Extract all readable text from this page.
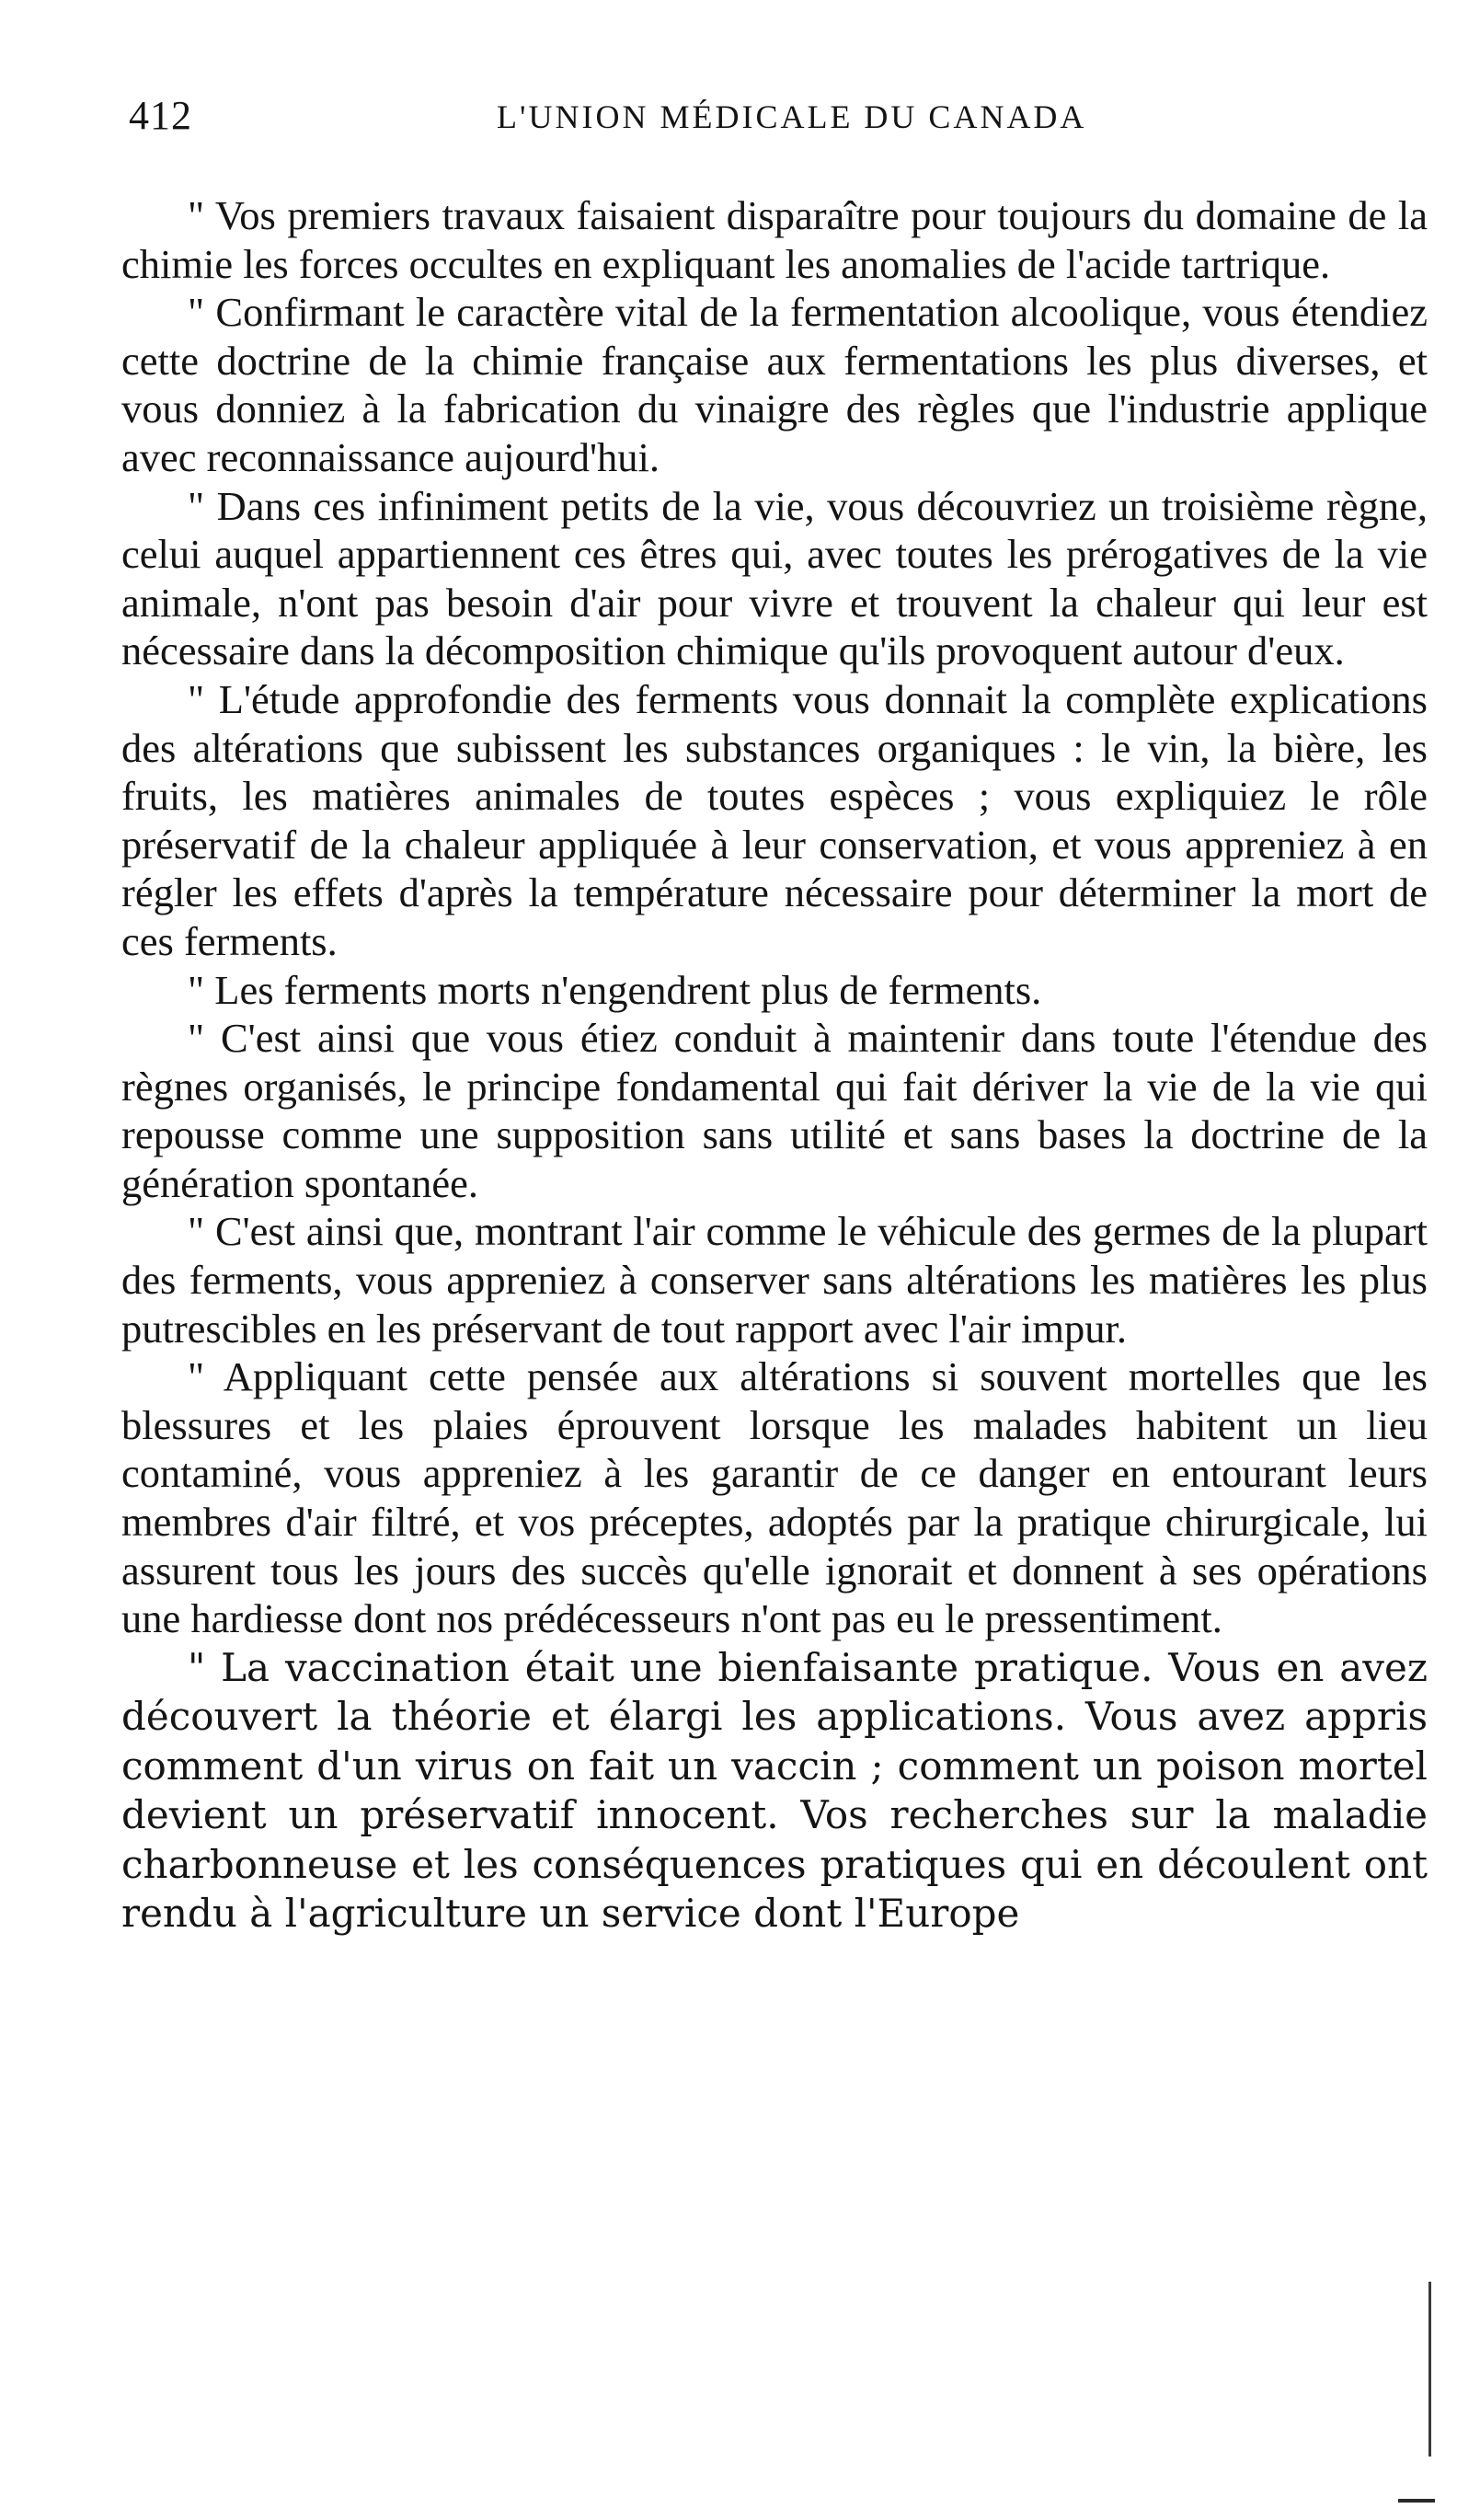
412	L'UNION MÉDICALE DU CANADA

" Vos premiers travaux faisaient disparaître pour toujours du domaine de la chimie les forces occultes en expliquant les anomalies de l'acide tartrique.

" Confirmant le caractère vital de la fermentation alcoolique, vous étendiez cette doctrine de la chimie française aux fermentations les plus diverses, et vous donniez à la fabrication du vinaigre des règles que l'industrie applique avec reconnaissance aujourd'hui.

" Dans ces infiniment petits de la vie, vous découvriez un troisième règne, celui auquel appartiennent ces êtres qui, avec toutes les prérogatives de la vie animale, n'ont pas besoin d'air pour vivre et trouvent la chaleur qui leur est nécessaire dans la décomposition chimique qu'ils provoquent autour d'eux.

" L'étude approfondie des ferments vous donnait la complète explications des altérations que subissent les substances organiques : le vin, la bière, les fruits, les matières animales de toutes espèces ; vous expliquiez le rôle préservatif de la chaleur appliquée à leur conservation, et vous appreniez à en régler les effets d'après la température nécessaire pour déterminer la mort de ces ferments.

" Les ferments morts n'engendrent plus de ferments.

" C'est ainsi que vous étiez conduit à maintenir dans toute l'étendue des règnes organisés, le principe fondamental qui fait dériver la vie de la vie qui repousse comme une supposition sans utilité et sans bases la doctrine de la génération spontanée.

" C'est ainsi que, montrant l'air comme le véhicule des germes de la plupart des ferments, vous appreniez à conserver sans altérations les matières les plus putrescibles en les préservant de tout rapport avec l'air impur.

" Appliquant cette pensée aux altérations si souvent mortelles que les blessures et les plaies éprouvent lorsque les malades habitent un lieu contaminé, vous appreniez à les garantir de ce danger en entourant leurs membres d'air filtré, et vos préceptes, adoptés par la pratique chirurgicale, lui assurent tous les jours des succès qu'elle ignorait et donnent à ses opérations une hardiesse dont nos prédécesseurs n'ont pas eu le pressentiment.

" La vaccination était une bienfaisante pratique. Vous en avez découvert la théorie et élargi les applications. Vous avez appris comment d'un virus on fait un vaccin ; comment un poison mortel devient un préservatif innocent. Vos recherches sur la maladie charbonneuse et les conséquences pratiques qui en découlent ont rendu à l'agriculture un service dont l'Europe
